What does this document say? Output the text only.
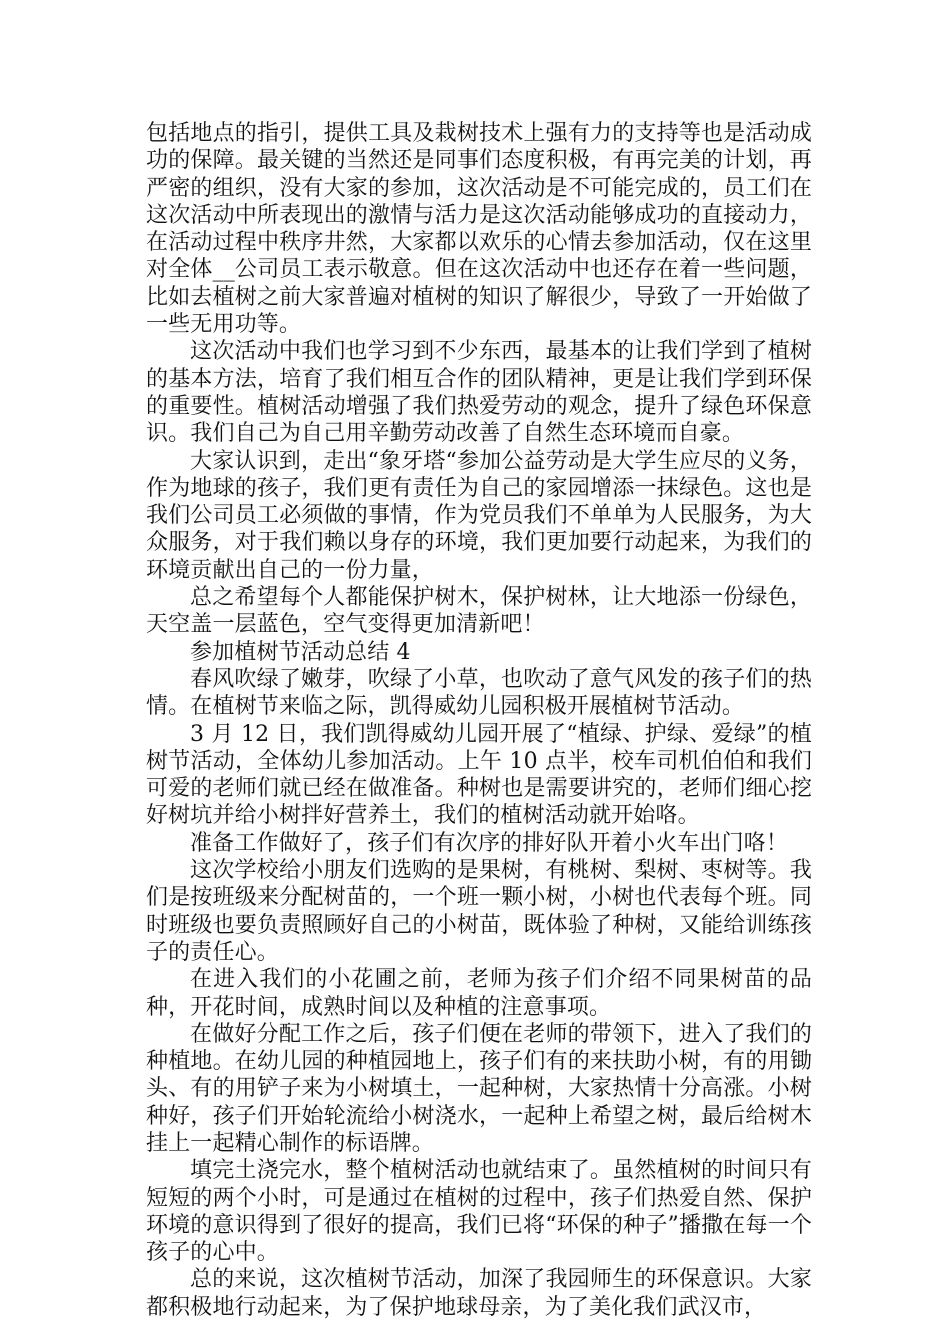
包括地点的指引，提供工具及栽树技术上强有力的支持等也是活动成功的保障。最关键的当然还是同事们态度积极，有再完美的计划，再严密的组织，没有大家的参加，这次活动是不可能完成的，员工们在这次活动中所表现出的激情与活力是这次活动能够成功的直接动力，在活动过程中秩序井然，大家都以欢乐的心情去参加活动，仅在这里对全体__公司员工表示敬意。但在这次活动中也还存在着一些问题，比如去植树之前大家普遍对植树的知识了解很少，导致了一开始做了一些无用功等。

这次活动中我们也学习到不少东西，最基本的让我们学到了植树的基本方法，培育了我们相互合作的团队精神，更是让我们学到环保的重要性。植树活动增强了我们热爱劳动的观念，提升了绿色环保意识。我们自己为自己用辛勤劳动改善了自然生态环境而自豪。

大家认识到，走出“象牙塔“参加公益劳动是大学生应尽的义务，作为地球的孩子，我们更有责任为自己的家园增添一抹绿色。这也是我们公司员工必须做的事情，作为党员我们不单单为人民服务，为大众服务，对于我们赖以身存的环境，我们更加要行动起来，为我们的环境贡献出自己的一份力量，

总之希望每个人都能保护树木，保护树林，让大地添一份绿色，天空盖一层蓝色，空气变得更加清新吧！

参加植树节活动总结 4

春风吹绿了嫩芽，吹绿了小草，也吹动了意气风发的孩子们的热情。在植树节来临之际，凯得威幼儿园积极开展植树节活动。

3 月 12 日，我们凯得威幼儿园开展了“植绿、护绿、爱绿”的植树节活动，全体幼儿参加活动。上午 10 点半，校车司机伯伯和我们可爱的老师们就已经在做准备。种树也是需要讲究的，老师们细心挖好树坑并给小树拌好营养土，我们的植树活动就开始咯。

准备工作做好了，孩子们有次序的排好队开着小火车出门咯！

这次学校给小朋友们选购的是果树，有桃树、梨树、枣树等。我们是按班级来分配树苗的，一个班一颗小树，小树也代表每个班。同时班级也要负责照顾好自己的小树苗，既体验了种树，又能给训练孩子的责任心。

在进入我们的小花圃之前，老师为孩子们介绍不同果树苗的品种，开花时间，成熟时间以及种植的注意事项。

在做好分配工作之后，孩子们便在老师的带领下，进入了我们的种植地。在幼儿园的种植园地上，孩子们有的来扶助小树，有的用锄头、有的用铲子来为小树填土，一起种树，大家热情十分高涨。小树种好，孩子们开始轮流给小树浇水，一起种上希望之树，最后给树木挂上一起精心制作的标语牌。

填完土浇完水，整个植树活动也就结束了。虽然植树的时间只有短短的两个小时，可是通过在植树的过程中，孩子们热爱自然、保护环境的意识得到了很好的提高，我们已将“环保的种子”播撒在每一个孩子的心中。

总的来说，这次植树节活动，加深了我园师生的环保意识。大家都积极地行动起来，为了保护地球母亲，为了美化我们武汉市，
